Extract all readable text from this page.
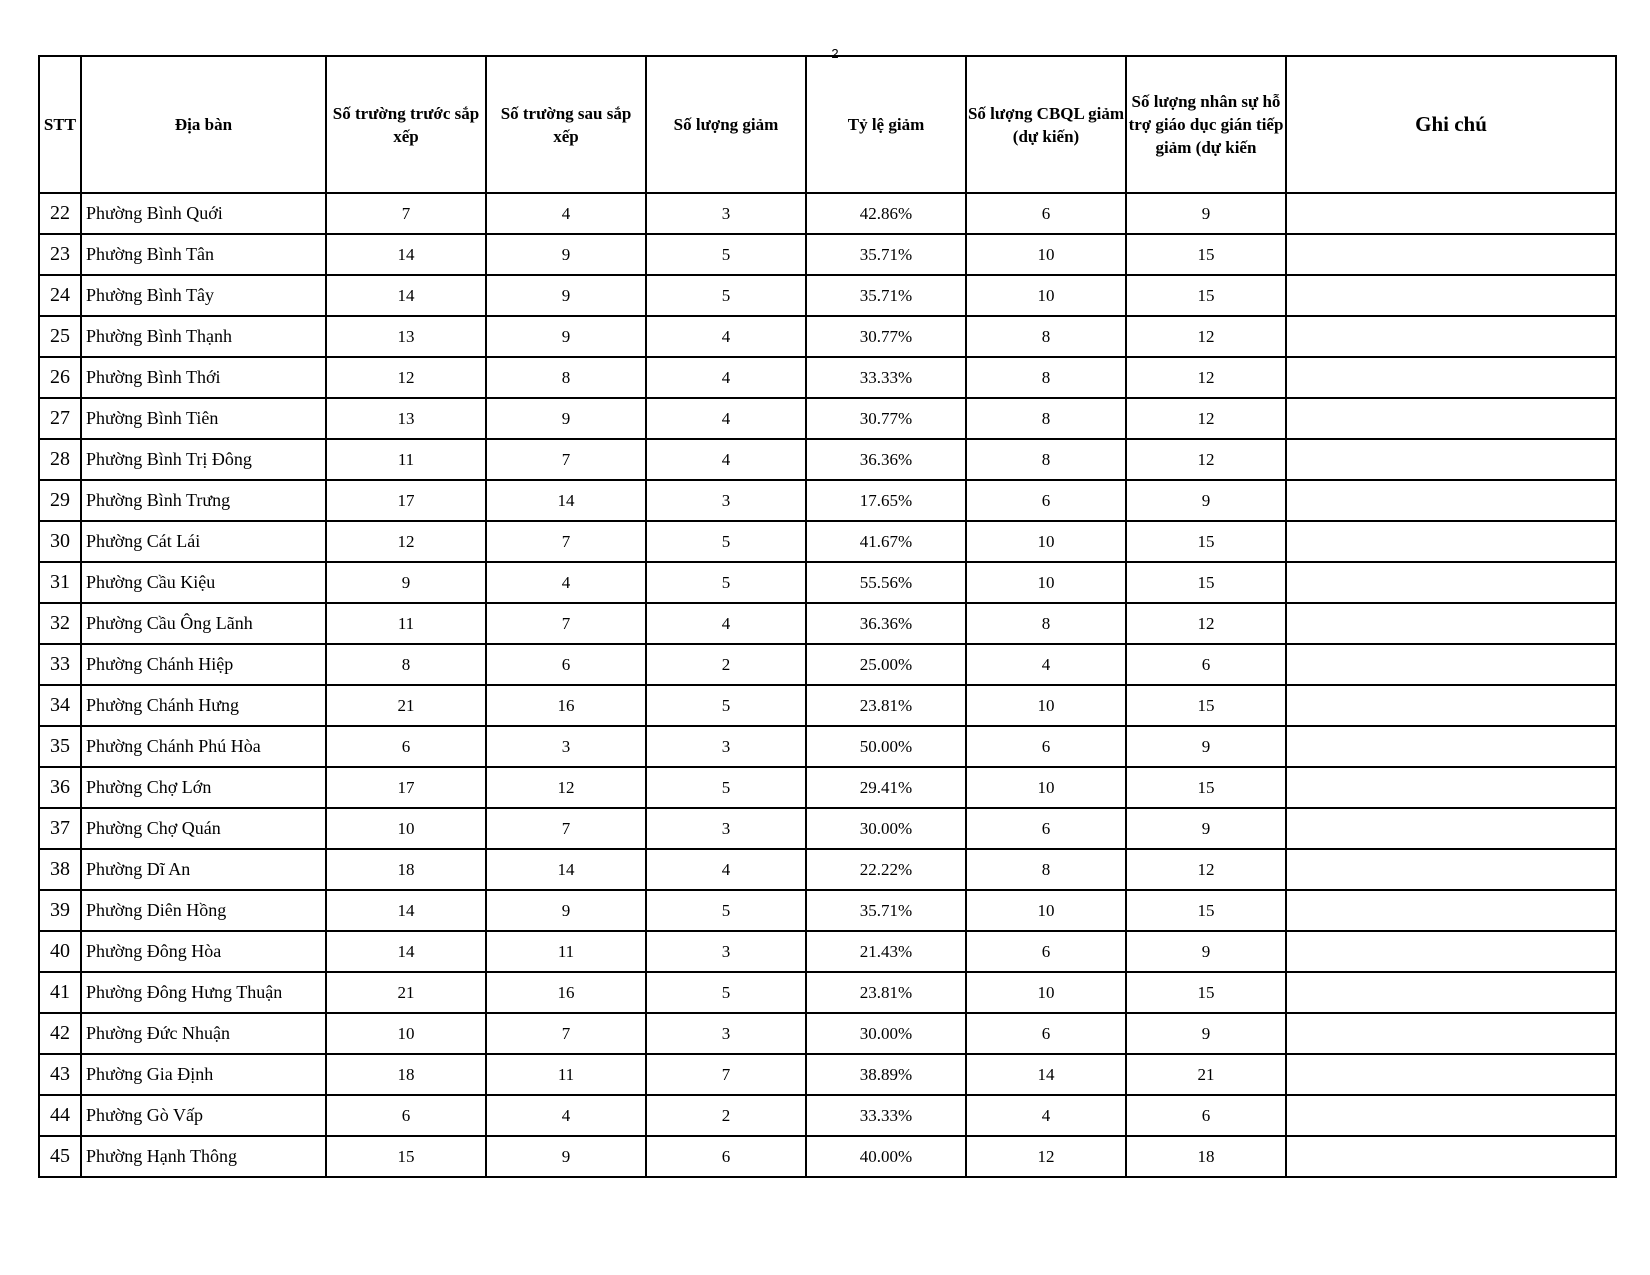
2
STT	Địa bàn	Số trường trước sắp xếp	Số trường sau sắp xếp	Số lượng giảm	Tỷ lệ giảm	Số lượng CBQL giảm (dự kiến)	Số lượng nhân sự hỗ trợ giáo dục gián tiếp giảm (dự kiến	Ghi chú
22	Phường Bình Quới	7	4	3	42.86%	6	9	
23	Phường Bình Tân	14	9	5	35.71%	10	15	
24	Phường Bình Tây	14	9	5	35.71%	10	15	
25	Phường Bình Thạnh	13	9	4	30.77%	8	12	
26	Phường Bình Thới	12	8	4	33.33%	8	12	
27	Phường Bình Tiên	13	9	4	30.77%	8	12	
28	Phường Bình Trị Đông	11	7	4	36.36%	8	12	
29	Phường Bình Trưng	17	14	3	17.65%	6	9	
30	Phường Cát Lái	12	7	5	41.67%	10	15	
31	Phường Cầu Kiệu	9	4	5	55.56%	10	15	
32	Phường Cầu Ông Lãnh	11	7	4	36.36%	8	12	
33	Phường Chánh Hiệp	8	6	2	25.00%	4	6	
34	Phường Chánh Hưng	21	16	5	23.81%	10	15	
35	Phường Chánh Phú Hòa	6	3	3	50.00%	6	9	
36	Phường Chợ Lớn	17	12	5	29.41%	10	15	
37	Phường Chợ Quán	10	7	3	30.00%	6	9	
38	Phường Dĩ An	18	14	4	22.22%	8	12	
39	Phường Diên Hồng	14	9	5	35.71%	10	15	
40	Phường Đông Hòa	14	11	3	21.43%	6	9	
41	Phường Đông Hưng Thuận	21	16	5	23.81%	10	15	
42	Phường Đức Nhuận	10	7	3	30.00%	6	9	
43	Phường Gia Định	18	11	7	38.89%	14	21	
44	Phường Gò Vấp	6	4	2	33.33%	4	6	
45	Phường Hạnh Thông	15	9	6	40.00%	12	18	
